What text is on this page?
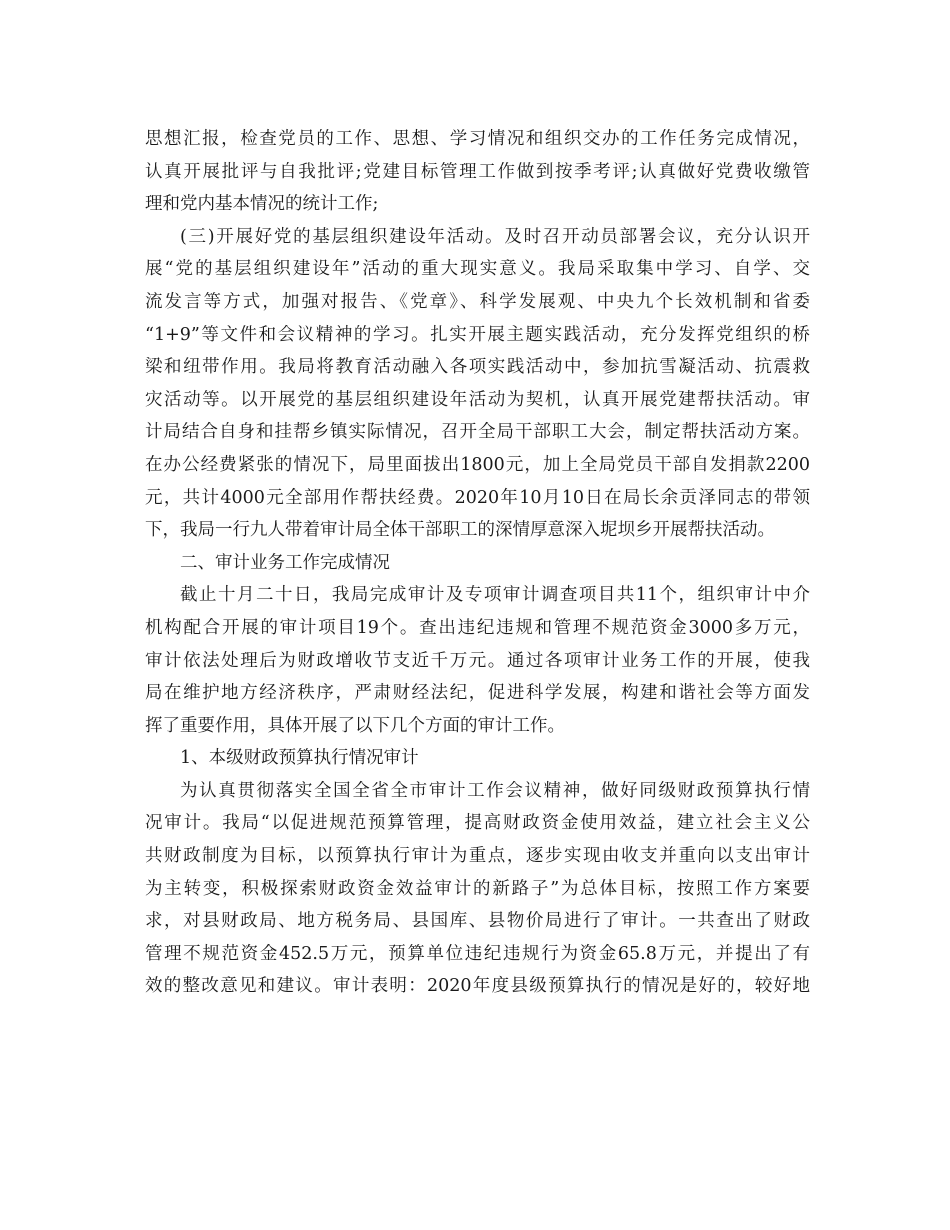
思想汇报，检查党员的工作、思想、学习情况和组织交办的工作任务完成情况，
认真开展批评与自我批评;党建目标管理工作做到按季考评;认真做好党费收缴管
理和党内基本情况的统计工作;
(三)开展好党的基层组织建设年活动。及时召开动员部署会议，充分认识开
展“党的基层组织建设年”活动的重大现实意义。我局采取集中学习、自学、交
流发言等方式，加强对报告、《党章》、科学发展观、中央九个长效机制和省委
“1+9”等文件和会议精神的学习。扎实开展主题实践活动，充分发挥党组织的桥
梁和纽带作用。我局将教育活动融入各项实践活动中，参加抗雪凝活动、抗震救
灾活动等。以开展党的基层组织建设年活动为契机，认真开展党建帮扶活动。审
计局结合自身和挂帮乡镇实际情况，召开全局干部职工大会，制定帮扶活动方案。
在办公经费紧张的情况下，局里面拔出1800元，加上全局党员干部自发捐款2200
元，共计4000元全部用作帮扶经费。2020年10月10日在局长余贡泽同志的带领
下，我局一行九人带着审计局全体干部职工的深情厚意深入坭坝乡开展帮扶活动。
二、审计业务工作完成情况
截止十月二十日，我局完成审计及专项审计调查项目共11个，组织审计中介
机构配合开展的审计项目19个。查出违纪违规和管理不规范资金3000多万元，
审计依法处理后为财政增收节支近千万元。通过各项审计业务工作的开展，使我
局在维护地方经济秩序，严肃财经法纪，促进科学发展，构建和谐社会等方面发
挥了重要作用，具体开展了以下几个方面的审计工作。
1、本级财政预算执行情况审计
为认真贯彻落实全国全省全市审计工作会议精神，做好同级财政预算执行情
况审计。我局“以促进规范预算管理，提高财政资金使用效益，建立社会主义公
共财政制度为目标，以预算执行审计为重点，逐步实现由收支并重向以支出审计
为主转变，积极探索财政资金效益审计的新路子”为总体目标，按照工作方案要
求，对县财政局、地方税务局、县国库、县物价局进行了审计。一共查出了财政
管理不规范资金452.5万元，预算单位违纪违规行为资金65.8万元，并提出了有
效的整改意见和建议。审计表明：2020年度县级预算执行的情况是好的，较好地
